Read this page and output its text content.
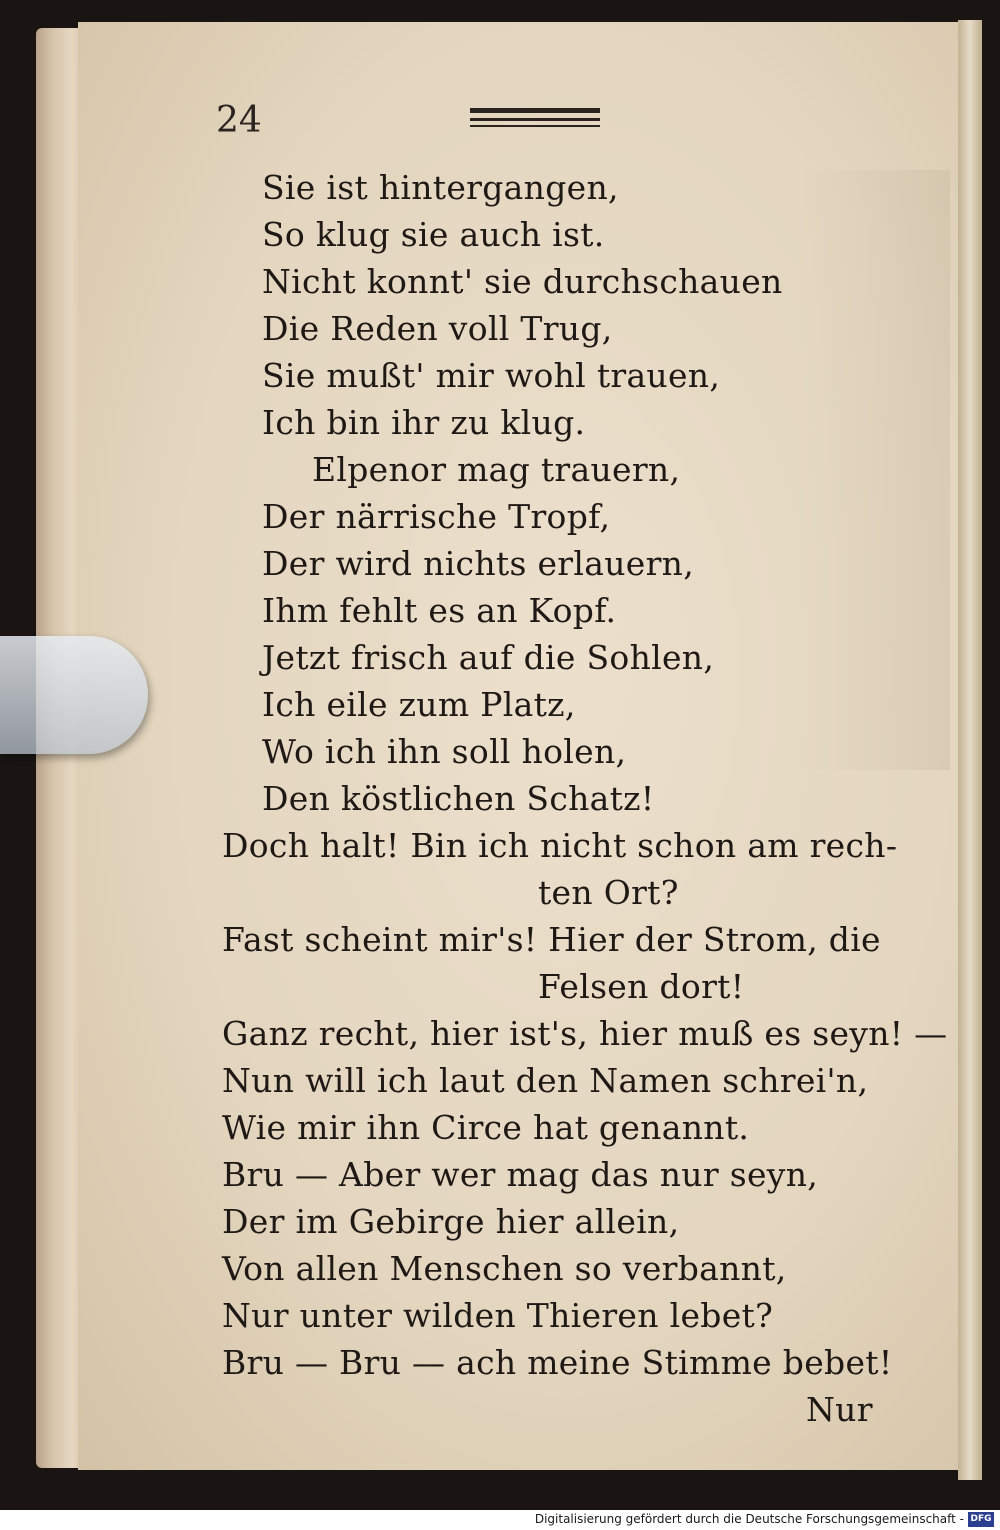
24
Sie ist hintergangen,
So klug sie auch ist.
Nicht konnt' sie durchschauen
Die Reden voll Trug,
Sie mußt' mir wohl trauen,
Ich bin ihr zu klug.
Elpenor mag trauern,
Der närrische Tropf,
Der wird nichts erlauern,
Ihm fehlt es an Kopf.
Jetzt frisch auf die Sohlen,
Ich eile zum Platz,
Wo ich ihn soll holen,
Den köstlichen Schatz!
Doch halt! Bin ich nicht schon am rech-
ten Ort?
Fast scheint mir's! Hier der Strom, die
Felsen dort!
Ganz recht, hier ist's, hier muß es seyn! —
Nun will ich laut den Namen schrei'n,
Wie mir ihn Circe hat genannt.
Bru — Aber wer mag das nur seyn,
Der im Gebirge hier allein,
Von allen Menschen so verbannt,
Nur unter wilden Thieren lebet?
Bru — Bru — ach meine Stimme bebet!
Nur
Digitalisierung gefördert durch die Deutsche Forschungsgemeinschaft - DFG
